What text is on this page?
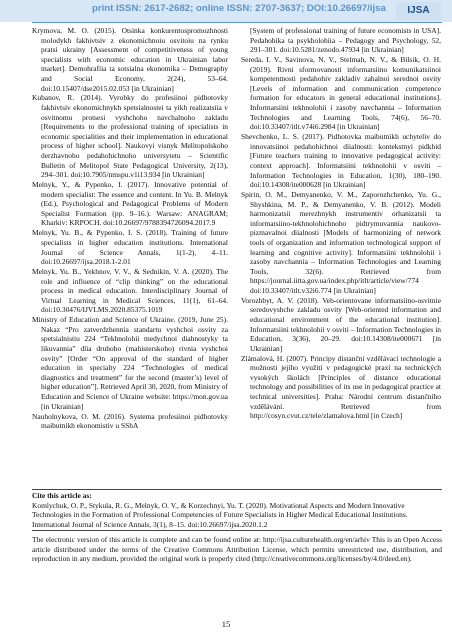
print ISSN: 2617-2682; online ISSN: 2707-3637; DOI:10.26697/ijsa	IJSA

Krymova, M. O. (2015). Otsinka konkurentospromozhnosti molodykh fakhivtsiv z ekonomichnoiu osvitoiu na rynku pratsi ukrainy [Assessment of competitiveness of young specialists with economic education in Ukrainian labor market]. Demohrafiia ta sotsialna ekonomika – Demography and Social Economy, 2(24), 53–64. doi:10.15407/dse2015.02.053 [in Ukrainian]

Kubanov, R. (2014). Vyrobky do profesiinoi pidhotovky fakhivtsiv ekonomichnykh spetsialnostei ta yikh realizatsiia v osvitnomu protsesi vyshchoho navchalnoho zakladu [Requirements to the professional training of specialists in economic specialities and their implementation in educational process of higher school]. Naukovyi visnyk Melitopolskoho derzhavnoho pedahohichnoho universytetu – Scientific Bulletin of Melitopol State Pedagogical University, 2(13), 294–301. doi:10.7905/nmspu.v1i13.934 [in Ukrainian]

Melnyk, Y., & Pypenko, I. (2017). Innovative potential of modern specialist: The essence and content. In Yu. B. Melnyk (Ed.), Psychological and Pedagogical Problems of Modern Specialist Formation (pp. 9–16.). Warsaw: ANAGRAM; Kharkiv: KRPOCH. doi:10.26697/9788394726094.2017.9

Melnyk, Yu. B., & Pypenko, I. S. (2018). Training of future specialists in higher education institutions. International Journal of Science Annals, 1(1-2), 4–11. doi:10.26697/ijsa.2018.1-2.01

Melnyk, Yu. B., Yekhnov, V. V., & Sednikin, V. A. (2020). The role and influence of “clip thinking” on the educational process in medical education. Interdisciplinary Journal of Virtual Learning in Medical Sciences, 11(1), 61–64. doi:10.30476/IJVLMS.2020.85375.1019

Ministry of Education and Science of Ukraine. (2019, June 25). Nakaz “Pro zatverdzhennia standartu vyshchoi osvity za spetsialnistiu 224 “Tekhnolohii medychnoi diahnostyky ta likuvannia” dlia druhoho (mahisterskoho) rivnia vyshchoi osvity” [Order “On approval of the standard of higher education in specialty 224 “Technologies of medical diagnostics and treatment” for the second (master’s) level of higher education”]. Retrieved April 30, 2020, from Ministry of Education and Science of Ukraine website: https://mon.gov.ua [in Ukrainian]

Nauholnykova, O. M. (2016). Systema profesiinoi pidhotovky maibutnikh ekonomistiv u SShA

[System of professional training of future economists in USA]. Pedahohika ta psykholohiia – Pedagogy and Psychology, 52, 291–301. doi:10.5281/zenodo.47934 [in Ukrainian]

Sereda, I. V., Savinova, N. V., Stelmah, N. V., & Bilsik, O. H. (2019). Rivni sformovanosti informatsiino komunikatsiinoi kompetentnosti pedahohiv zakladiv zahalnoi serednoi osvity [Levels of information and communication competence formation for educators in general educational institutions]. Informatsiini tekhnolohii i zasoby navchannia – Information Technologies and Learning Tools, 74(6), 56–70. doi:10.33407/itlt.v74i6.2984 [in Ukrainian]

Shevchenko, L. S. (2017). Pidhotovka maibutnikh uchyteliv do innovatsiinoi pedahohichnoi diialnosti: kontekstnyi pidkhid [Future teachers training to innovative pedagogical activity: context approach]. Informatsiini tekhnolohii v osviti – Information Technologies in Education, 1(30), 180–190. doi:10.14308/ite000628 [in Ukrainian]

Spirin, O. M., Demyanenko, V. M., Zaporozhchenko, Yu. G., Shyshkina, M. P., & Demyanenko, V. B. (2012). Modeli harmonizatsii merezhnykh instrumentiv orhanizatsii ta informatsiino-tekhnolohichnoho pidtrymuvannia naukovo-pizmavalnoi diialnosti [Models of harmonizing of network tools of organization and information technological support of learning and cognitive activity]. Informatsiini tekhnolohii i zasoby navchannia – Information Technologies and Learning Tools, 32(6). Retrieved from https://journal.iitta.gov.ua/index.php/itlt/article/view/774 doi:10.33407/itlt.v32i6.774 [in Ukrainian]

Vorozhbyt, A. V. (2018). Veb-orientovane informatsiino-osvitnie seredovyshche zakladu osvity [Web-oriented information and educational environment of the educational institution]. Informatsiini tekhnolohii v osviti – Information Technologies in Education, 3(36), 20–29. doi:10.14308/ite000671 [in Ukrainian]

Zlámalová, H. (2007). Principy distanční vzdělávací technologie a možnosti jejího využití v pedagogické praxi na technických vysokých školách [Principles of distance educational technology and possibilities of its use in pedagogical practice at technical universities]. Praha: Národní centrum distančního vzdělávání. Retrieved from http://cosyn.cvut.cz/tele/zlamalova.html [in Czech]

Cite this article as:
Komlychuk, O. P., Stykula, R. G., Melnyk, O. V., & Korzechnyi, Yu. T. (2020). Motivational Aspects and Modern Innovative Technologies in the Formation of Professional Competencies of Future Specialists in Higher Medical Educational Institutions. International Journal of Science Annals, 3(1), 8–15. doi:10.26697/ijsa.2020.1.2
The electronic version of this article is complete and can be found online at: http://ijsa.culturehealth.org/en/arhiv This is an Open Access article distributed under the terms of the Creative Commons Attribution License, which permits unrestricted use, distribution, and reproduction in any medium, provided the original work is properly cited (http://creativecommons.org/licenses/by/4.0/deed.en).
15
